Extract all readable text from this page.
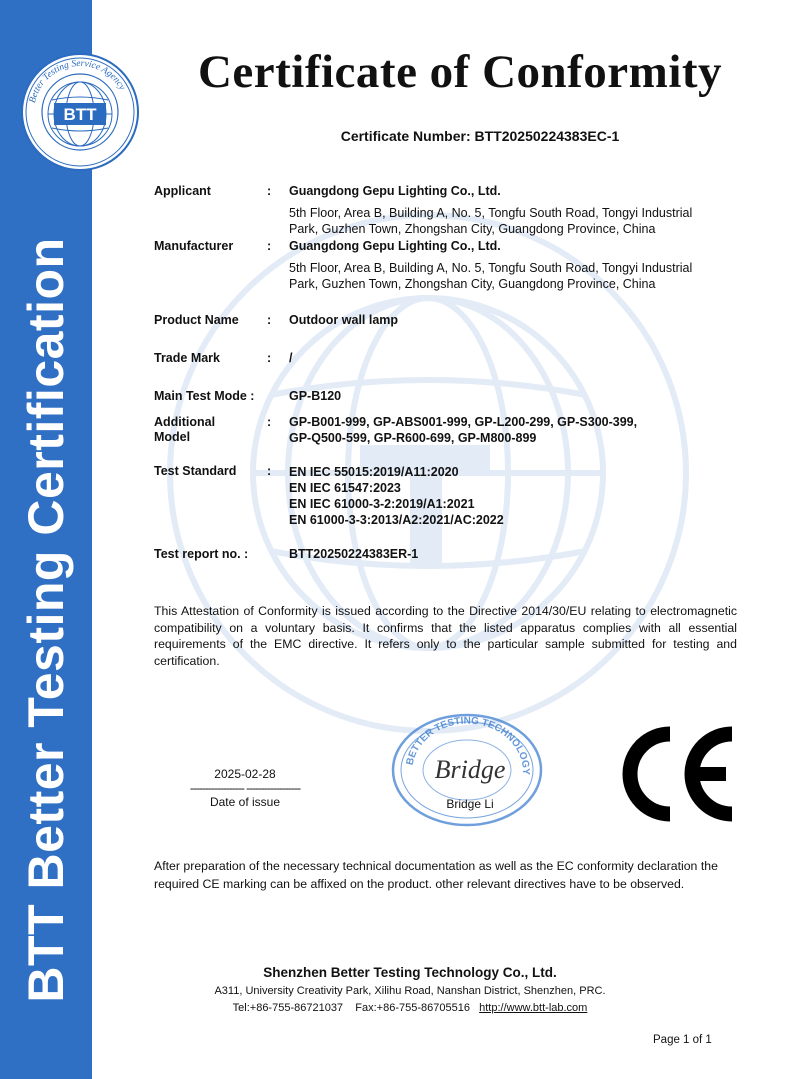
BTT Better Testing Certification
Better Testing Service Agency
BTT
Certificate of Conformity
Certificate Number: BTT20250224383EC-1
Applicant	: Guangdong Gepu Lighting Co., Ltd.
5th Floor, Area B, Building A, No. 5, Tongfu South Road, Tongyi Industrial
Park, Guzhen Town, Zhongshan City, Guangdong Province, China
Manufacturer	: Guangdong Gepu Lighting Co., Ltd.
5th Floor, Area B, Building A, No. 5, Tongfu South Road, Tongyi Industrial
Park, Guzhen Town, Zhongshan City, Guangdong Province, China
Product Name : Outdoor wall lamp
Trade Mark	: /
Main Test Mode :	GP-B120
Additional
Model
: GP-B001-999, GP-ABS001-999, GP-L200-299, GP-S300-399,
GP-Q500-599, GP-R600-699, GP-M800-899
Test Standard : EN IEC 55015:2019/A11:2020
EN IEC 61547:2023
EN IEC 61000-3-2:2019/A1:2021
EN 61000-3-3:2013/A2:2021/AC:2022
Test report no. :	BTT20250224383ER-1
This Attestation of Conformity is issued according to the Directive 2014/30/EU relating to electromagnetic compatibility on a voluntary basis. It confirms that the listed apparatus complies with all essential requirements of the EMC directive. It refers only to the particular sample submitted for testing and certification.
2025-02-28
------------------ ------------------
Date of issue
BETTER TESTING TECHNOLOGY
Bridge
Bridge Li
After preparation of the necessary technical documentation as well as the EC conformity declaration the required CE marking can be affixed on the product. other relevant directives have to be observed.
Shenzhen Better Testing Technology Co., Ltd.
A311, University Creativity Park, Xilihu Road, Nanshan District, Shenzhen, PRC.
Tel:+86-755-86721037    Fax:+86-755-86705516 http://www.btt-lab.com
Page 1 of 1
